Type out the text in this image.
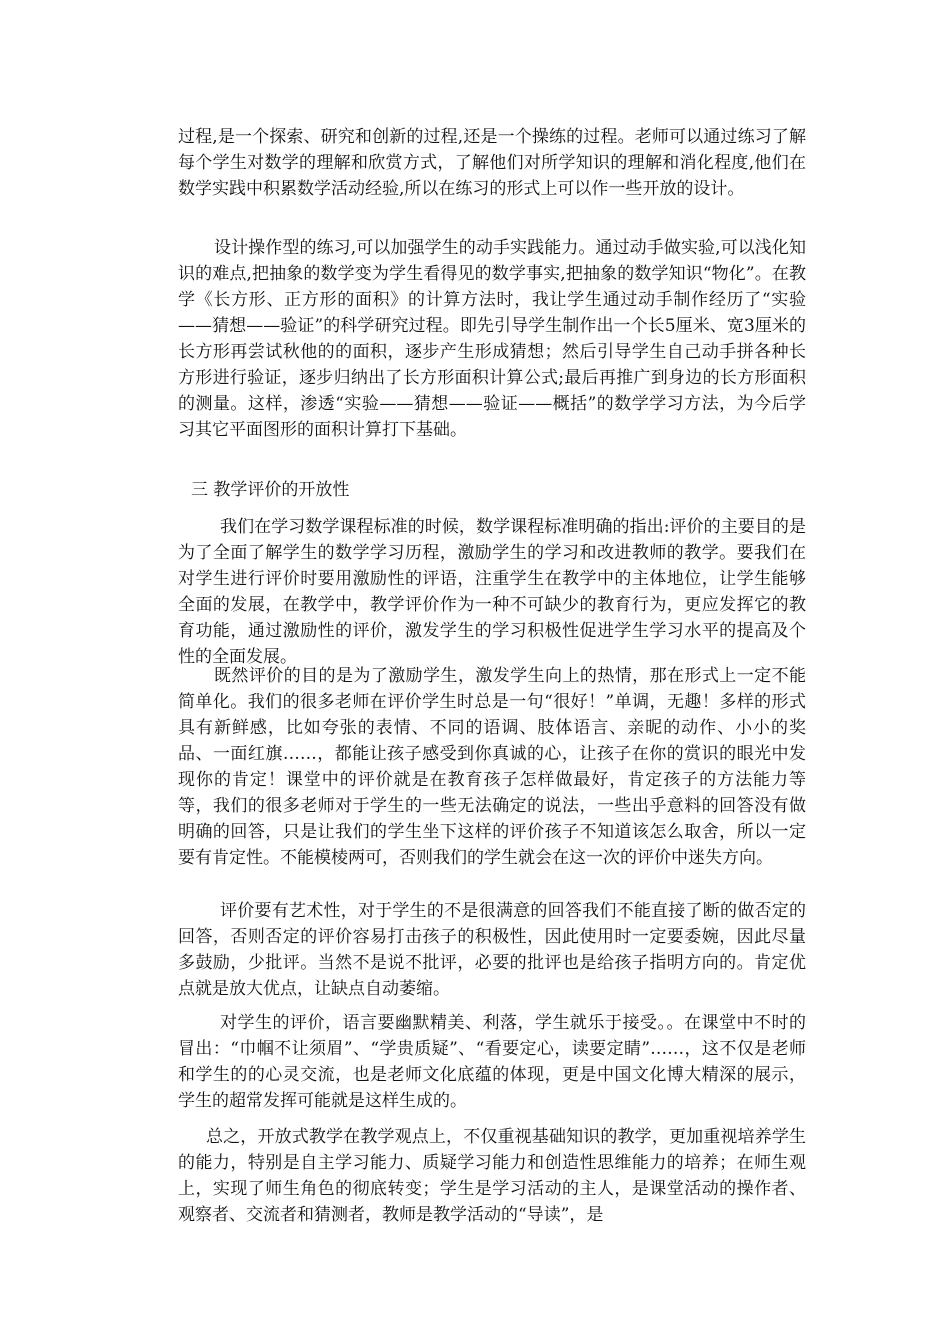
过程,是一个探索、研究和创新的过程,还是一个操练的过程。老师可以通过练习了解每个学生对数学的理解和欣赏方式，了解他们对所学知识的理解和消化程度,他们在数学实践中积累数学活动经验,所以在练习的形式上可以作一些开放的设计。

设计操作型的练习,可以加强学生的动手实践能力。通过动手做实验,可以浅化知识的难点,把抽象的数学变为学生看得见的数学事实,把抽象的数学知识“物化”。在教学《长方形、正方形的面积》的计算方法时，我让学生通过动手制作经历了“实验——猜想——验证”的科学研究过程。即先引导学生制作出一个长5厘米、宽3厘米的长方形再尝试秋他的的面积，逐步产生形成猜想；然后引导学生自己动手拼各种长方形进行验证，逐步归纳出了长方形面积计算公式;最后再推广到身边的长方形面积的测量。这样，渗透“实验——猜想——验证——概括”的数学学习方法，为今后学习其它平面图形的面积计算打下基础。

三 教学评价的开放性

我们在学习数学课程标准的时候，数学课程标准明确的指出:评价的主要目的是为了全面了解学生的数学学习历程，激励学生的学习和改进教师的教学。要我们在对学生进行评价时要用激励性的评语，注重学生在教学中的主体地位，让学生能够全面的发展，在教学中，教学评价作为一种不可缺少的教育行为，更应发挥它的教育功能，通过激励性的评价，激发学生的学习积极性促进学生学习水平的提高及个性的全面发展。

既然评价的目的是为了激励学生，激发学生向上的热情，那在形式上一定不能简单化。我们的很多老师在评价学生时总是一句“很好！”单调，无趣！多样的形式具有新鲜感，比如夸张的表情、不同的语调、肢体语言、亲昵的动作、小小的奖品、一面红旗……，都能让孩子感受到你真诚的心，让孩子在你的赏识的眼光中发现你的肯定！课堂中的评价就是在教育孩子怎样做最好，肯定孩子的方法能力等等，我们的很多老师对于学生的一些无法确定的说法，一些出乎意料的回答没有做明确的回答，只是让我们的学生坐下这样的评价孩子不知道该怎么取舍，所以一定要有肯定性。不能模棱两可，否则我们的学生就会在这一次的评价中迷失方向。

评价要有艺术性，对于学生的不是很满意的回答我们不能直接了断的做否定的回答，否则否定的评价容易打击孩子的积极性，因此使用时一定要委婉，因此尽量多鼓励，少批评。当然不是说不批评，必要的批评也是给孩子指明方向的。肯定优点就是放大优点，让缺点自动萎缩。

对学生的评价，语言要幽默精美、利落，学生就乐于接受。。在课堂中不时的冒出：“巾帼不让须眉”、“学贵质疑”、“看要定心，读要定睛”……，这不仅是老师和学生的的心灵交流，也是老师文化底蕴的体现，更是中国文化博大精深的展示，学生的超常发挥可能就是这样生成的。

总之，开放式教学在教学观点上，不仅重视基础知识的教学，更加重视培养学生的能力，特别是自主学习能力、质疑学习能力和创造性思维能力的培养；在师生观上，实现了师生角色的彻底转变；学生是学习活动的主人，是课堂活动的操作者、观察者、交流者和猜测者，教师是教学活动的“导读”，是
